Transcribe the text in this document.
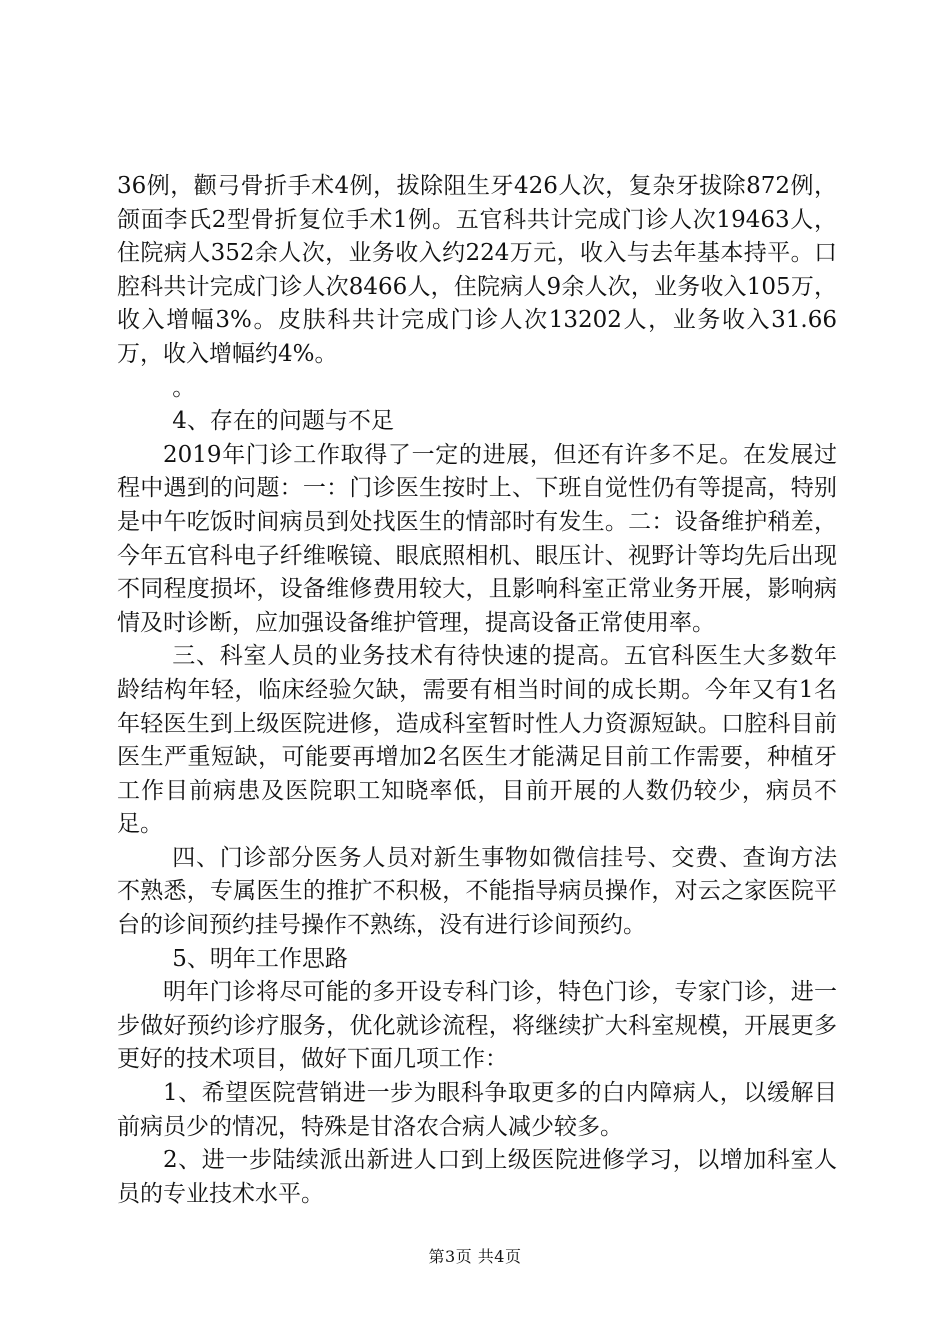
36例，颧弓骨折手术4例，拔除阻生牙426人次，复杂牙拔除872例，颌面李氏2型骨折复位手术1例。五官科共计完成门诊人次19463人，住院病人352余人次，业务收入约224万元，收入与去年基本持平。口腔科共计完成门诊人次8466人，住院病人9余人次，业务收入105万，收入增幅3%。皮肤科共计完成门诊人次13202人，业务收入31.66万，收入增幅约4%。

。

4、存在的问题与不足

2019年门诊工作取得了一定的进展，但还有许多不足。在发展过程中遇到的问题：一：门诊医生按时上、下班自觉性仍有等提高，特别是中午吃饭时间病员到处找医生的情部时有发生。二：设备维护稍差，今年五官科电子纤维喉镜、眼底照相机、眼压计、视野计等均先后出现不同程度损坏，设备维修费用较大，且影响科室正常业务开展，影响病情及时诊断，应加强设备维护管理，提高设备正常使用率。

三、科室人员的业务技术有待快速的提高。五官科医生大多数年龄结构年轻，临床经验欠缺，需要有相当时间的成长期。今年又有1名年轻医生到上级医院进修，造成科室暂时性人力资源短缺。口腔科目前医生严重短缺，可能要再增加2名医生才能满足目前工作需要，种植牙工作目前病患及医院职工知晓率低，目前开展的人数仍较少，病员不足。

四、门诊部分医务人员对新生事物如微信挂号、交费、查询方法不熟悉，专属医生的推扩不积极，不能指导病员操作，对云之家医院平台的诊间预约挂号操作不熟练，没有进行诊间预约。

5、明年工作思路

明年门诊将尽可能的多开设专科门诊，特色门诊，专家门诊，进一步做好预约诊疗服务，优化就诊流程，将继续扩大科室规模，开展更多更好的技术项目，做好下面几项工作：

1、希望医院营销进一步为眼科争取更多的白内障病人，以缓解目前病员少的情况，特殊是甘洛农合病人减少较多。

2、进一步陆续派出新进人口到上级医院进修学习，以增加科室人员的专业技术水平。

第3页 共4页
